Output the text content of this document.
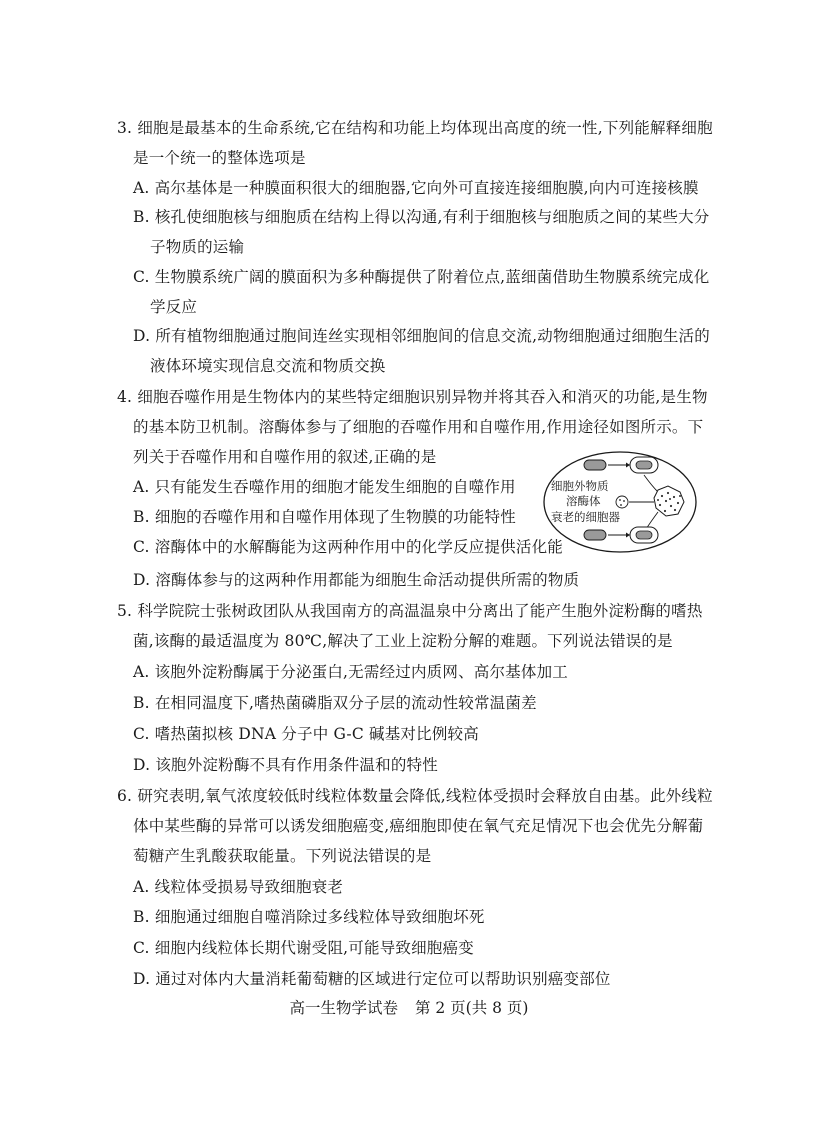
3. 细胞是最基本的生命系统,它在结构和功能上均体现出高度的统一性,下列能解释细胞
是一个统一的整体选项是
A. 高尔基体是一种膜面积很大的细胞器,它向外可直接连接细胞膜,向内可连接核膜
B. 核孔使细胞核与细胞质在结构上得以沟通,有利于细胞核与细胞质之间的某些大分
子物质的运输
C. 生物膜系统广阔的膜面积为多种酶提供了附着位点,蓝细菌借助生物膜系统完成化
学反应
D. 所有植物细胞通过胞间连丝实现相邻细胞间的信息交流,动物细胞通过细胞生活的
液体环境实现信息交流和物质交换
4. 细胞吞噬作用是生物体内的某些特定细胞识别异物并将其吞入和消灭的功能,是生物
的基本防卫机制。溶酶体参与了细胞的吞噬作用和自噬作用,作用途径如图所示。下
列关于吞噬作用和自噬作用的叙述,正确的是
A. 只有能发生吞噬作用的细胞才能发生细胞的自噬作用
B. 细胞的吞噬作用和自噬作用体现了生物膜的功能特性
C. 溶酶体中的水解酶能为这两种作用中的化学反应提供活化能
D. 溶酶体参与的这两种作用都能为细胞生命活动提供所需的物质
细胞外物质
溶酶体
衰老的细胞器
5. 科学院院士张树政团队从我国南方的高温温泉中分离出了能产生胞外淀粉酶的嗜热
菌,该酶的最适温度为 80℃,解决了工业上淀粉分解的难题。下列说法错误的是
A. 该胞外淀粉酶属于分泌蛋白,无需经过内质网、高尔基体加工
B. 在相同温度下,嗜热菌磷脂双分子层的流动性较常温菌差
C. 嗜热菌拟核 DNA 分子中 G-C 碱基对比例较高
D. 该胞外淀粉酶不具有作用条件温和的特性
6. 研究表明,氧气浓度较低时线粒体数量会降低,线粒体受损时会释放自由基。此外线粒
体中某些酶的异常可以诱发细胞癌变,癌细胞即使在氧气充足情况下也会优先分解葡
萄糖产生乳酸获取能量。下列说法错误的是
A. 线粒体受损易导致细胞衰老
B. 细胞通过细胞自噬消除过多线粒体导致细胞坏死
C. 细胞内线粒体长期代谢受阻,可能导致细胞癌变
D. 通过对体内大量消耗葡萄糖的区域进行定位可以帮助识别癌变部位
高一生物学试卷 第 2 页(共 8 页)
